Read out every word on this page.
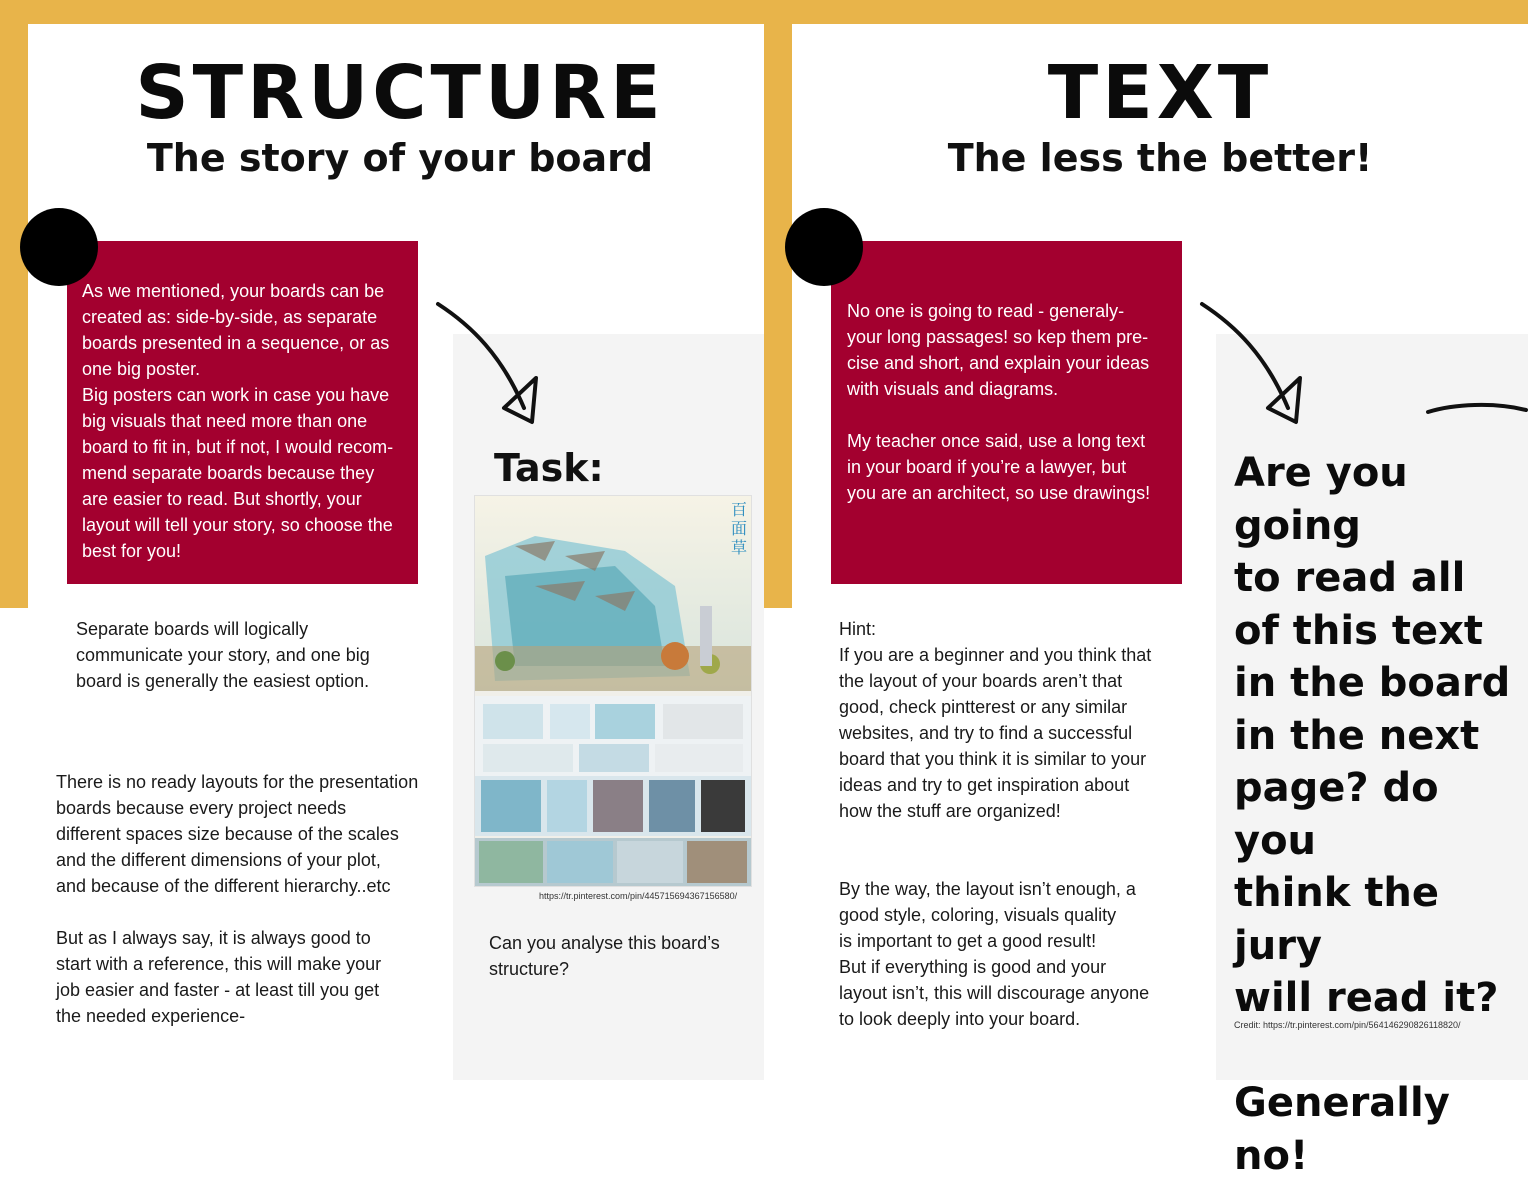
STRUCTURE
The story of your board
As we mentioned, your boards can be
created as: side-by-side, as separate
boards presented in a sequence, or as
one big poster.
Big posters can work in case you have
big visuals that need more than one
board to fit in, but if not, I would recom-
mend separate boards because they
are easier to read. But shortly, your
layout will tell your story, so choose the
best for you!
Separate boards will logically
communicate your story, and one big
board is generally the easiest option.
There is no ready layouts for the presentation
boards because every project needs
different spaces size because of the scales
and the different dimensions of your plot,
and because of the different hierarchy..etc

But as I always say, it is always good to
start with a reference, this will make your
job easier and faster - at least till you get
the needed experience-
Task:
百
面
草
https://tr.pinterest.com/pin/445715694367156580/
Can you analyse this board’s
structure?
TEXT
The less the better!
No one is going to read - generaly-
your long passages! so kep them pre-
cise and short, and explain your ideas
with visuals and diagrams.

My teacher once said, use a long text
in your board if you’re a lawyer, but
you are an architect, so use drawings!
Hint:
If you are a beginner and you think that
the layout of your boards aren’t that
good, check pintterest or any similar
websites, and try to find a successful
board that you think it is similar to your
ideas and try to get inspiration about
how the stuff are organized!
By the way, the layout isn’t enough, a
good style, coloring, visuals quality
is important to get a good result!
But if everything is good and your
layout isn’t, this will discourage anyone
to look deeply into your board.
Are you going
to read all
of this text
in the board
in the next
page? do you
think the jury
will read it?

Generally no!
Credit: https://tr.pinterest.com/pin/564146290826118820/
